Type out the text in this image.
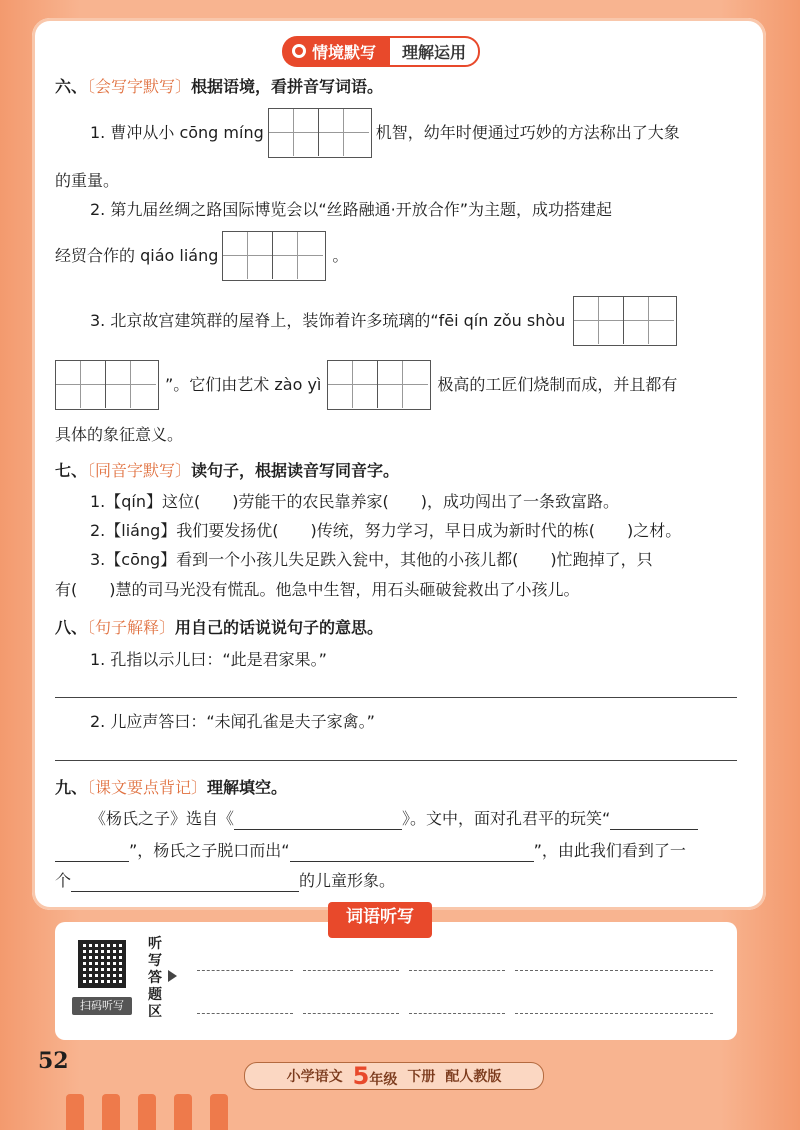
情境默写	理解运用
六、〔会写字默写〕根据语境，看拼音写词语。
1. 曹冲从小 cōng míng	机智，幼年时便通过巧妙的方法称出了大象
的重量。
2. 第九届丝绸之路国际博览会以“丝路融通·开放合作”为主题，成功搭建起
经贸合作的 qiáo liáng	。
3. 北京故宫建筑群的屋脊上，装饰着许多琉璃的“fēi qín zǒu shòu
”。它们由艺术 zào yì	极高的工匠们烧制而成，并且都有
具体的象征意义。
七、〔同音字默写〕读句子，根据读音写同音字。
1.【qín】这位(　　)劳能干的农民靠养家(　　)，成功闯出了一条致富路。
2.【liáng】我们要发扬优(　　)传统，努力学习，早日成为新时代的栋(　　)之材。
3.【cōng】看到一个小孩儿失足跌入瓮中，其他的小孩儿都(　　)忙跑掉了，只
有(　　)慧的司马光没有慌乱。他急中生智，用石头砸破瓮救出了小孩儿。
八、〔句子解释〕用自己的话说说句子的意思。
1. 孔指以示儿曰：“此是君家果。”
2. 儿应声答曰：“未闻孔雀是夫子家禽。”
九、〔课文要点背记〕理解填空。
《杨氏之子》选自《	》。文中，面对孔君平的玩笑“
”，杨氏之子脱口而出“	”，由此我们看到了一
个	的儿童形象。
词语听写
扫码听写
听
写
答
题
区
52
小学语文 5年级 下册 配人教版
